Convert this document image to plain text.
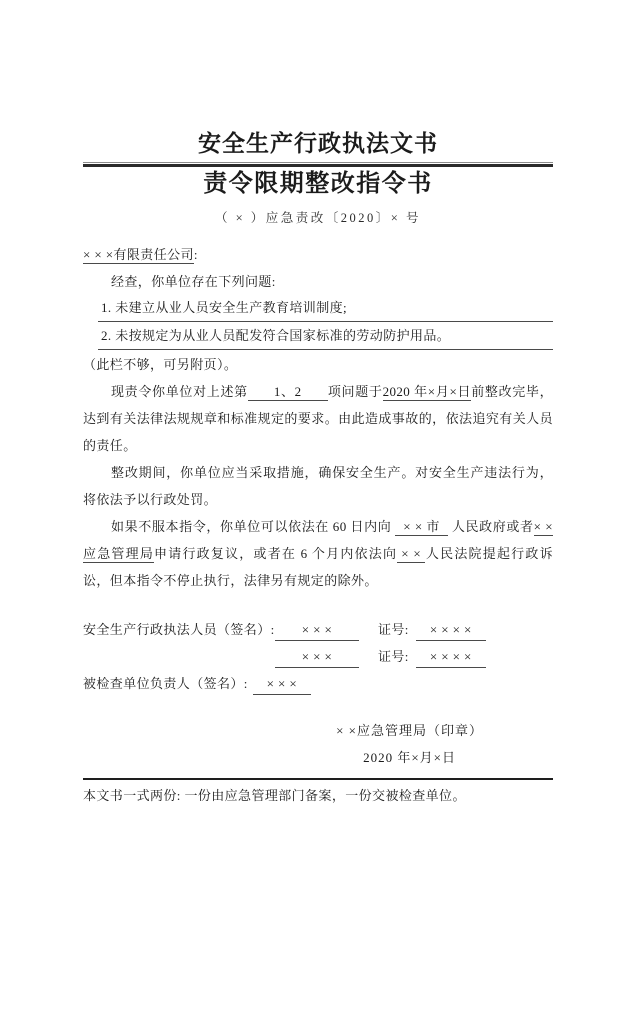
安全生产行政执法文书
责令限期整改指令书
（ × ）应急责改〔2020〕× 号
× × ×有限责任公司:
经查，你单位存在下列问题:
1. 未建立从业人员安全生产教育培训制度;
2. 未按规定为从业人员配发符合国家标准的劳动防护用品。
（此栏不够，可另附页）。
现责令你单位对上述第 1、2 项问题于2020 年×月×日前整改完毕，达到有关法律法规规章和标准规定的要求。由此造成事故的，依法追究有关人员的责任。
整改期间，你单位应当采取措施，确保安全生产。对安全生产违法行为，将依法予以行政处罚。
如果不服本指令，你单位可以依法在 60 日内向 × × 市 人民政府或者× ×应急管理局申请行政复议，或者在 6 个月内依法向 × × 人民法院提起行政诉讼，但本指令不停止执行，法律另有规定的除外。
安全生产行政执法人员（签名）:	× × ×	证号:	× × × ×
× × ×	证号:	× × × ×
被检查单位负责人（签名）:	× × ×
× ×应急管理局（印章）
2020 年×月×日
本文书一式两份: 一份由应急管理部门备案，一份交被检查单位。
